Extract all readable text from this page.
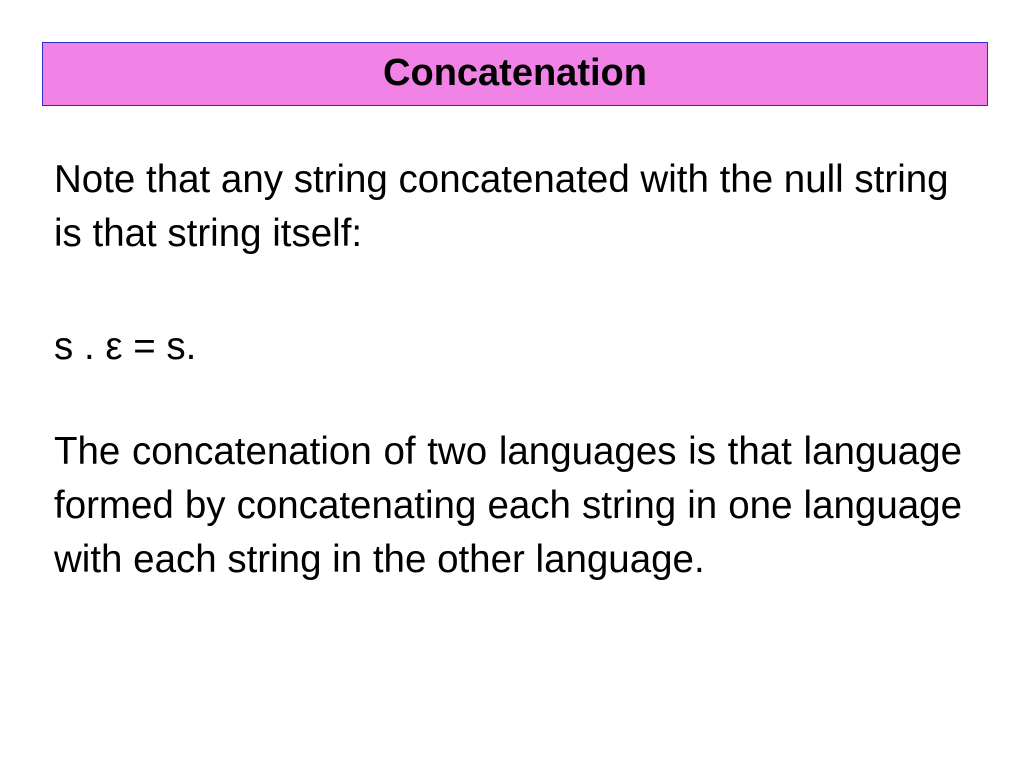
Concatenation

Note that any string concatenated with the null string is that string itself:

s . ε = s.

The concatenation of two languages is that language formed by concatenating each string in one language with each string in the other language.
